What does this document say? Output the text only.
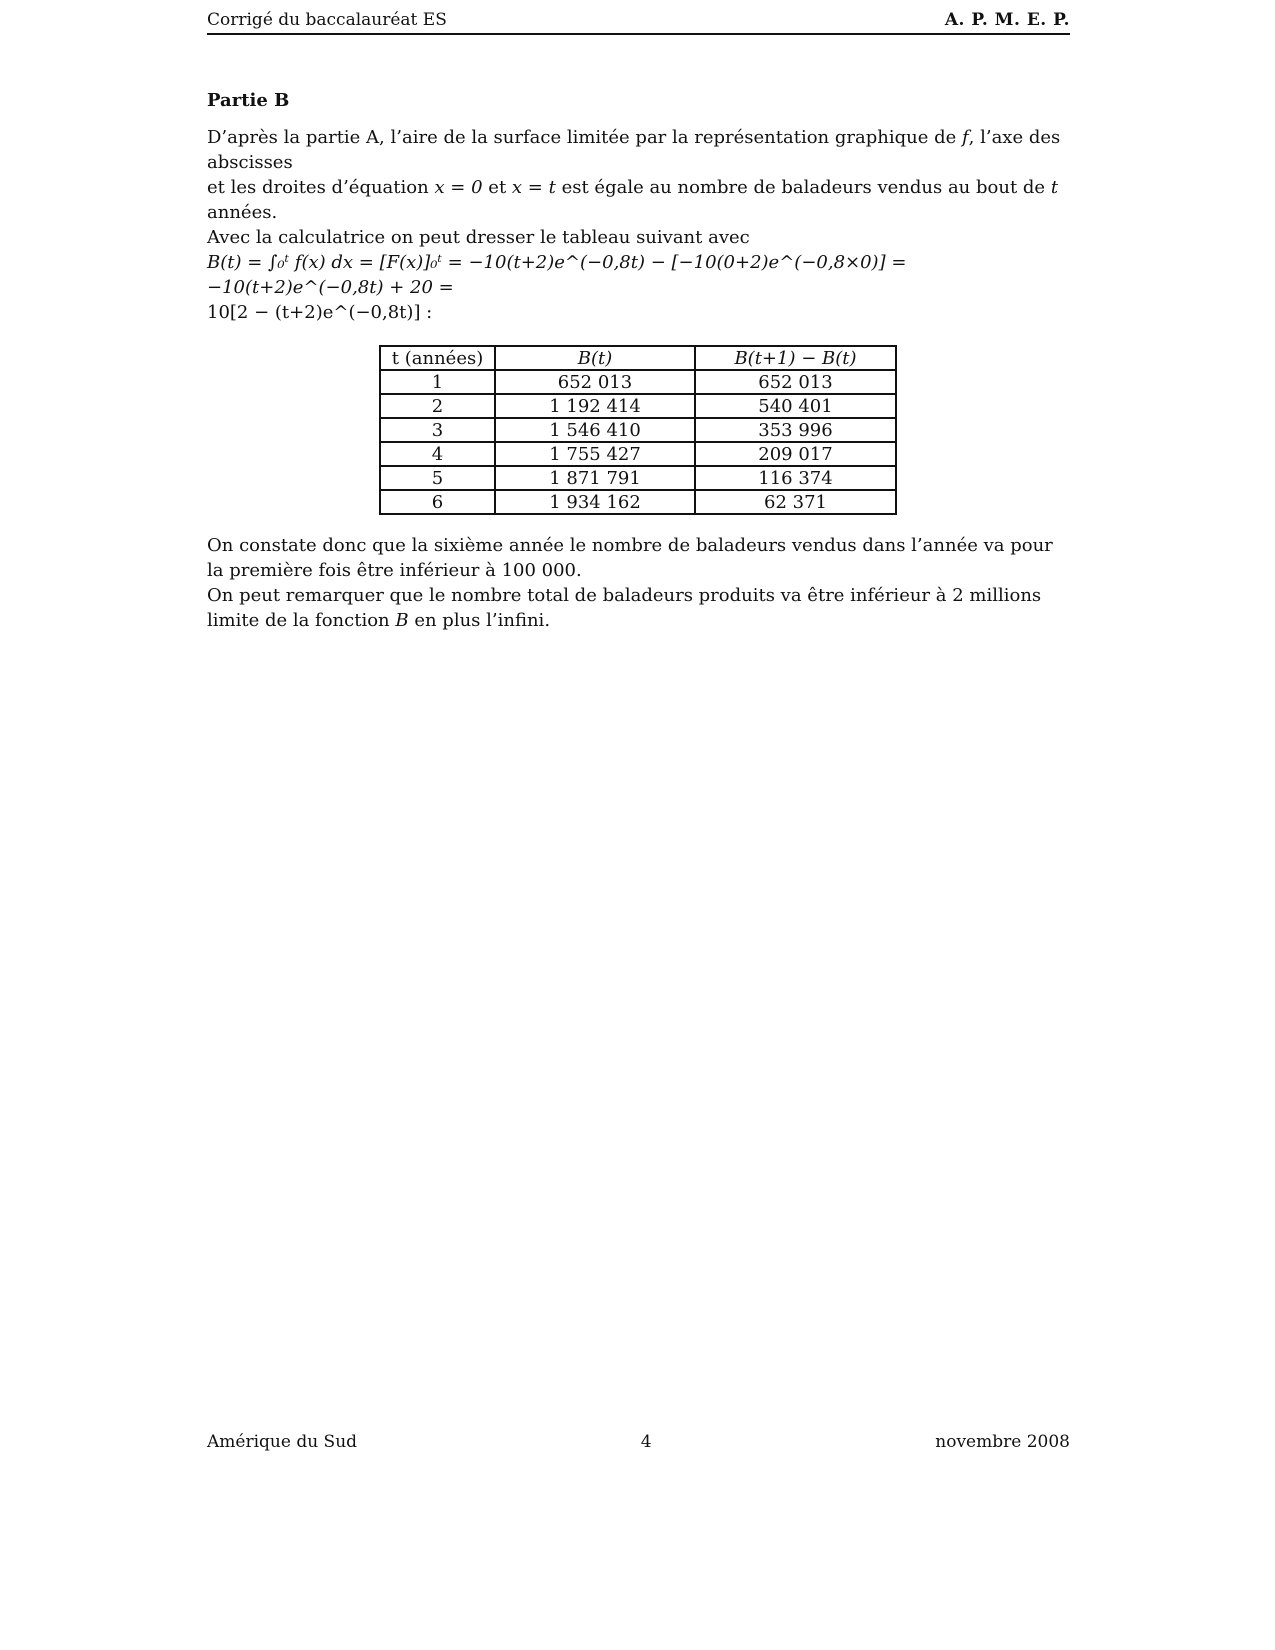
Corrigé du baccalauréat ES	A. P. M. E. P.
Partie B

D’après la partie A, l’aire de la surface limitée par la représentation graphique de f, l’axe des abscisses
et les droites d’équation x = 0 et x = t est égale au nombre de baladeurs vendus au bout de t années.
Avec la calculatrice on peut dresser le tableau suivant avec

B(t) = ∫₀ᵗ f(x) dx = [F(x)]₀ᵗ = −10(t+2)e^(−0,8t) − [−10(0+2)e^(−0,8×0)] = −10(t+2)e^(−0,8t) + 20 =

10[2 − (t+2)e^(−0,8t)] :

t (années)	B(t)	B(t+1) − B(t)
1	652 013	652 013
2	1 192 414	540 401
3	1 546 410	353 996
4	1 755 427	209 017
5	1 871 791	116 374
6	1 934 162	62 371

On constate donc que la sixième année le nombre de baladeurs vendus dans l’année va pour la première fois être inférieur à 100 000.

On peut remarquer que le nombre total de baladeurs produits va être inférieur à 2 millions limite de la fonction B en plus l’infini.

Amérique du Sud	4	novembre 2008
